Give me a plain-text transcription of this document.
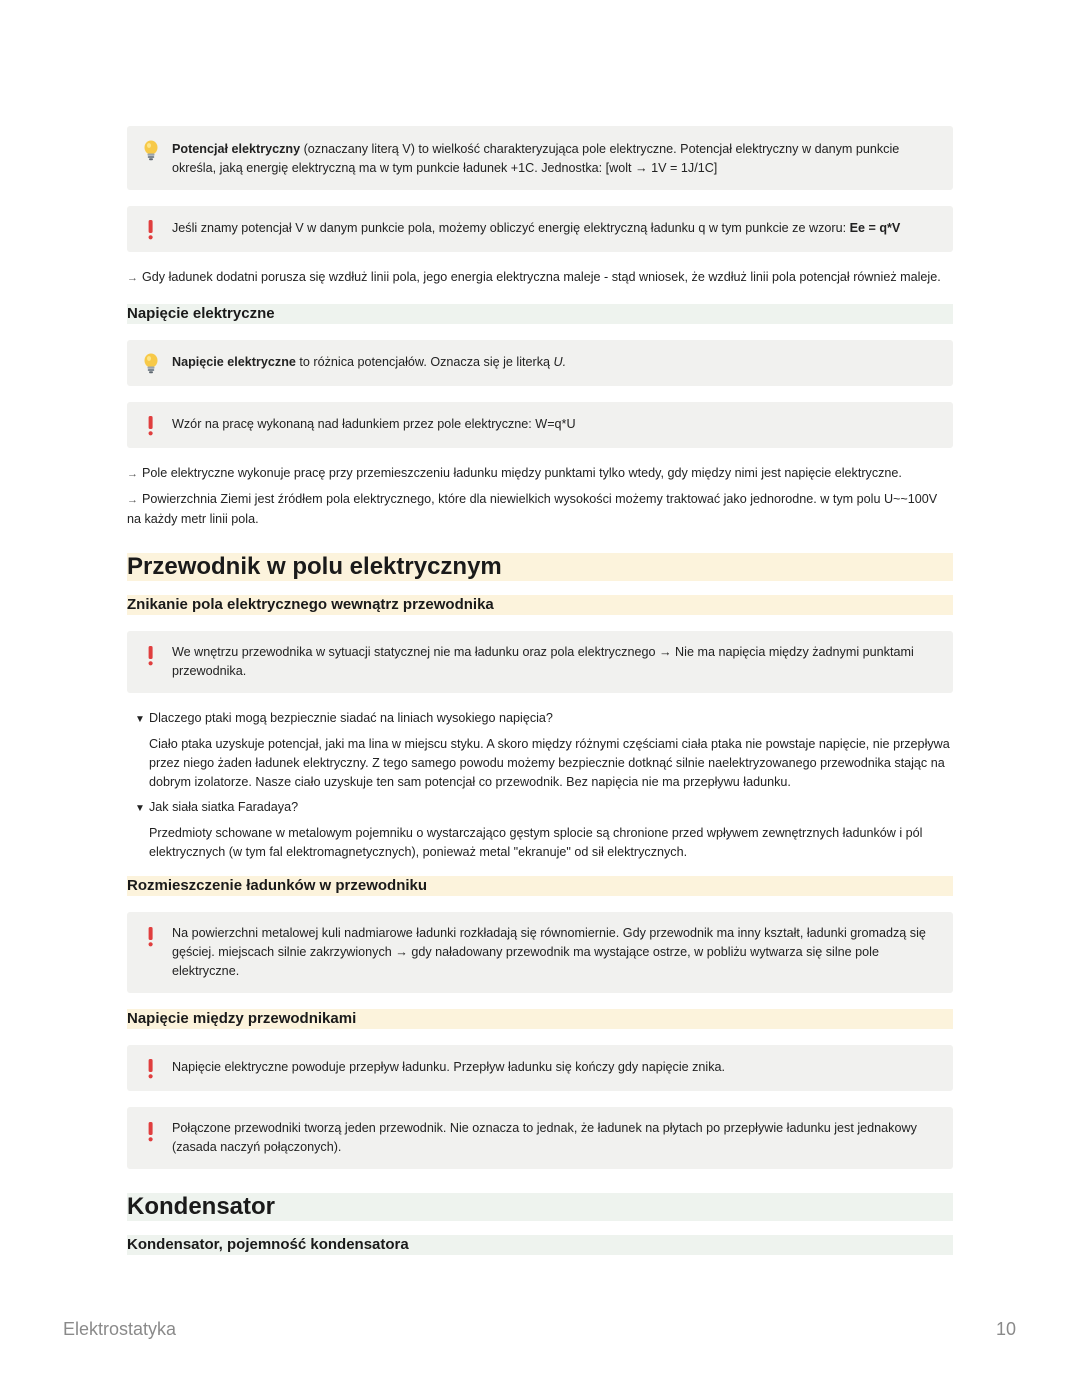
Potencjał elektryczny (oznaczany literą V) to wielkość charakteryzująca pole elektryczne. Potencjał elektryczny w danym punkcie określa, jaką energię elektryczną ma w tym punkcie ładunek +1C. Jednostka: [wolt → 1V = 1J/1C]
Jeśli znamy potencjał V w danym punkcie pola, możemy obliczyć energię elektryczną ładunku q w tym punkcie ze wzoru: Ee = q*V

→ Gdy ładunek dodatni porusza się wzdłuż linii pola, jego energia elektryczna maleje - stąd wniosek, że wzdłuż linii pola potencjał również maleje.

Napięcie elektryczne
Napięcie elektryczne to różnica potencjałów. Oznacza się je literką U.
Wzór na pracę wykonaną nad ładunkiem przez pole elektryczne: W=q*U

→ Pole elektryczne wykonuje pracę przy przemieszczeniu ładunku między punktami tylko wtedy, gdy między nimi jest napięcie elektryczne.

→ Powierzchnia Ziemi jest źródłem pola elektrycznego, które dla niewielkich wysokości możemy traktować jako jednorodne. w tym polu U~~100V na każdy metr linii pola.

Przewodnik w polu elektrycznym
Znikanie pola elektrycznego wewnątrz przewodnika
We wnętrzu przewodnika w sytuacji statycznej nie ma ładunku oraz pola elektrycznego → Nie ma napięcia między żadnymi punktami przewodnika.
▼ Dlaczego ptaki mogą bezpiecznie siadać na liniach wysokiego napięcia?
Ciało ptaka uzyskuje potencjał, jaki ma lina w miejscu styku. A skoro między różnymi częściami ciała ptaka nie powstaje napięcie, nie przepływa przez niego żaden ładunek elektryczny. Z tego samego powodu możemy bezpiecznie dotknąć silnie naelektryzowanego przewodnika stając na dobrym izolatorze. Nasze ciało uzyskuje ten sam potencjał co przewodnik. Bez napięcia nie ma przepływu ładunku.
▼ Jak siała siatka Faradaya?
Przedmioty schowane w metalowym pojemniku o wystarczająco gęstym splocie są chronione przed wpływem zewnętrznych ładunków i pól elektrycznych (w tym fal elektromagnetycznych), ponieważ metal "ekranuje" od sił elektrycznych.
Rozmieszczenie ładunków w przewodniku
Na powierzchni metalowej kuli nadmiarowe ładunki rozkładają się równomiernie. Gdy przewodnik ma inny kształt, ładunki gromadzą się gęściej. miejscach silnie zakrzywionych → gdy naładowany przewodnik ma wystające ostrze, w pobliżu wytwarza się silne pole elektryczne.
Napięcie między przewodnikami
Napięcie elektryczne powoduje przepływ ładunku. Przepływ ładunku się kończy gdy napięcie znika.
Połączone przewodniki tworzą jeden przewodnik. Nie oznacza to jednak, że ładunek na płytach po przepływie ładunku jest jednakowy (zasada naczyń połączonych).
Kondensator
Kondensator, pojemność kondensatora
Elektrostatyka	10
